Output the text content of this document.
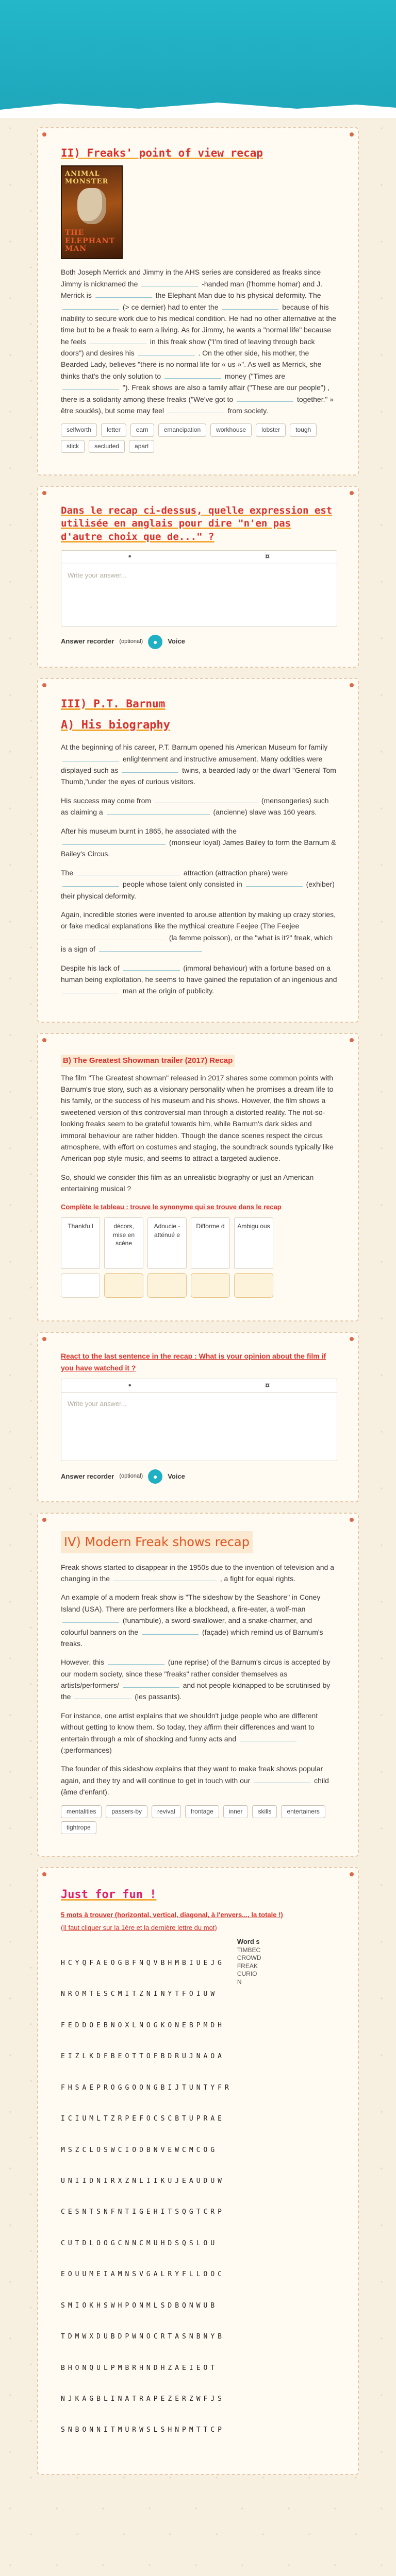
II) Freaks' point of view recap
ANIMAL MONSTER
THE ELEPHANT MAN

Both Joseph Merrick and Jimmy in the AHS series are considered as freaks since Jimmy is nicknamed the	-handed man (l'homme homar) and J. Merrick is	the Elephant Man due to his physical deformity. The  (> ce dernier) had to enter the	because of his inability to secure work due to his medical condition. He had no other alternative at the time but to be a freak to earn a living. As for Jimmy, he wants a "normal life" because he feels	in this freak show ("I'm tired of leaving through back doors") and desires his	. On the other side, his mother, the Bearded Lady, believes "there is no normal life for « us »". As well as Merrick, she thinks that's the only solution to	money ("Times are  "). Freak shows are also a family affair ("These are our people") , there is a solidarity among these freaks ("We've got to	together." » être soudés), but some may feel	from society.

selfworth	letter	earn	emancipation	workhouse	lobster	tough
stick	secluded	apart
Dans le recap ci-dessus, quelle expression est utilisée en anglais pour dire "n'en pas d'autre choix que de..." ?
•	¤
Write your answer...
Answer recorder (optional)	●	Voice
III) P.T. Barnum
A) His biography

At the beginning of his career, P.T. Barnum opened his American Museum for family  enlightenment and instructive amusement. Many oddities were displayed such as	twins, a bearded lady or the dwarf "General Tom Thumb,"under the eyes of curious visitors.

His success may come from	(mensongeries) such as claiming a	(ancienne) slave was 160 years.

After his museum burnt in 1865, he associated with the  (monsieur loyal) James Bailey to form the Barnum & Bailey's Circus.

The	attraction (attraction phare) were  people whose talent only consisted in	(exhiber) their physical deformity.

Again, incredible stories were invented to arouse attention by making up crazy stories, or fake medical explanations like the mythical creature Feejee (The Feejee  (la femme poisson), or the "what is it?" freak, which is a sign of

Despite his lack of	(immoral behaviour) with a fortune based on a human being exploitation, he seems to have gained the reputation of an ingenious and  man at the origin of publicity.

B) The Greatest Showman trailer (2017) Recap

The film "The Greatest showman" released in 2017 shares some common points with Barnum's true story, such as a visionary personality when he promises a dream life to his family, or the success of his museum and his shows. However, the film shows a sweetened version of this controversial man through a distorted reality. The not-so-looking freaks seem to be grateful towards him, while Barnum's dark sides and immoral behaviour are rather hidden. Though the dance scenes respect the circus atmosphere, with effort on costumes and staging, the soundtrack sounds typically like American pop style music, and seems to attract a targeted audience.

So, should we consider this film as an unrealistic biography or just an American entertaining musical ?

Complète le tableau : trouve le synonyme qui se trouve dans le recap
Thankfu l	décors, mise en scène
Adoucie - atténué e
Difforme d	Ambigu ous
React to the last sentence in the recap : What is your opinion about the film if you have watched it ?
•	¤
Write your answer...
Answer recorder (optional)	●	Voice
IV) Modern Freak shows recap

Freak shows started to disappear in the 1950s due to the invention of television and a changing in the	, a fight for equal rights.

An example of a modern freak show is "The sideshow by the Seashore" in Coney Island (USA). There are performers like a blockhead, a fire-eater, a wolf-man  (funambule), a sword-swallower, and a snake-charmer, and colourful banners on the	(façade) which remind us of Barnum's freaks.

However, this	(une reprise) of the Barnum's circus is accepted by our modern society, since these "freaks" rather consider themselves as artists/performers/	and not people kidnapped to be scrutinised by the	(les passants).

For instance, one artist explains that we shouldn't judge people who are different without getting to know them. So today, they affirm their differences and want to entertain through a mix of shocking and funny acts and  (:performances)

The founder of this sideshow explains that they want to make freak shows popular again, and they try and will continue to get in touch with our	child (âme d'enfant).

mentalities	passers-by	revival	frontage	inner	skills	entertainers
tightrope
Just for fun !
5 mots à trouver (horizontal, vertical, diagonal, à l'envers..., la totale !)
(Il faut cliquer sur la 1ère et la dernière lettre du mot)

HCYQFAEOGBFNQVBHMBIUEJG

NROMTESCMITZNINYTFOIUW

FEDDOEBNOXLNOGKONEBPMDH

EIZLKDFBEOTTOFBDRUJNAOA

FHSAEPROGGOONGBIJTUNTYFR

ICIUMLTZRPEFOCSCBTUPRAE

MSZCLOSWCIODBNVEWCMCOG

UNIIDNIRXZNLIIKUJEAUDUW

CESNTSNFNTIGEHITSQGTCRP

CUTDLOOGCNNCMUHDSQSLOU

EOUUMEIAMNSVGALRYFLLOOC

SMIOKHSWHPONMLSDBQNWUB

TDMWXDUBDPWNOCRTASNBNYB

BHONQULPMBRHNDHZAEIEOT

NJKAGBLINATRAPEZERZWFJS

SNBONNITMURWSLSHNPMTTCP

Word s
TIMBEC
CROWD
FREAK
CURIO
N
